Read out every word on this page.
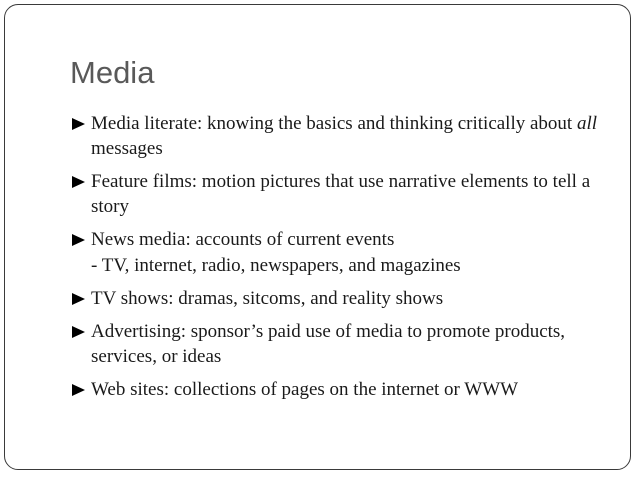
Media
Media literate: knowing the basics and thinking critically about all messages
Feature films: motion pictures that use narrative elements to tell a story
News media: accounts of current events
- TV, internet, radio, newspapers, and magazines
TV shows: dramas, sitcoms, and reality shows
Advertising: sponsor’s paid use of media to promote products, services, or ideas
Web sites: collections of pages on the internet or WWW
